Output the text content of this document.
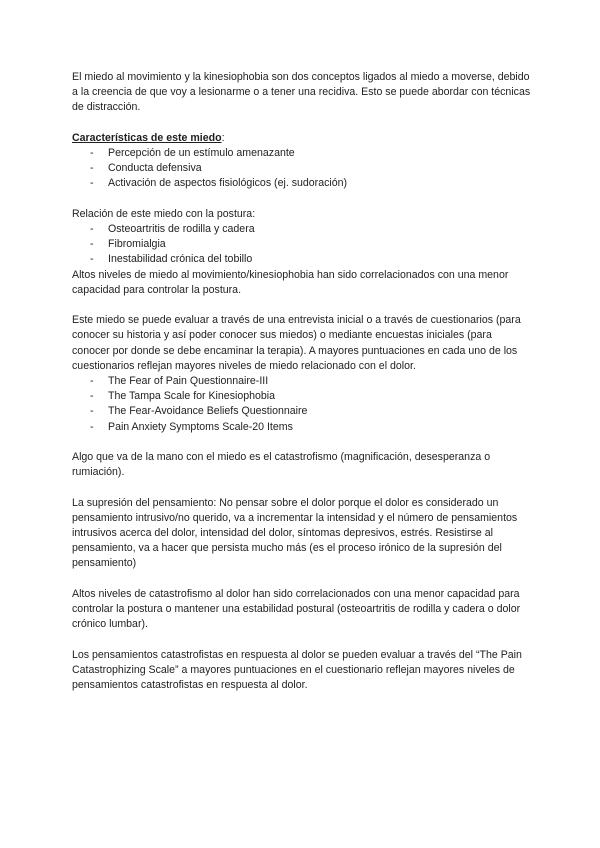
El miedo al movimiento y la kinesiophobia son dos conceptos ligados al miedo a moverse, debido a la creencia de que voy a lesionarme o a tener una recidiva. Esto se puede abordar con técnicas de distracción.

Características de este miedo:

- Percepción de un estímulo amenazante
- Conducta defensiva
- Activación de aspectos fisiológicos (ej. sudoración)

Relación de este miedo con la postura:

- Osteoartritis de rodilla y cadera
- Fibromialgia
- Inestabilidad crónica del tobillo

Altos niveles de miedo al movimiento/kinesiophobia han sido correlacionados con una menor capacidad para controlar la postura.

Este miedo se puede evaluar a través de una entrevista inicial o a través de cuestionarios (para conocer su historia y así poder conocer sus miedos) o mediante encuestas iniciales (para conocer por donde se debe encaminar la terapia). A mayores puntuaciones en cada uno de los cuestionarios reflejan mayores niveles de miedo relacionado con el dolor.

- The Fear of Pain Questionnaire-III
- The Tampa Scale for Kinesiophobia
- The Fear-Avoidance Beliefs Questionnaire
- Pain Anxiety Symptoms Scale-20 Items

Algo que va de la mano con el miedo es el catastrofismo (magnificación, desesperanza o rumiación).

La supresión del pensamiento: No pensar sobre el dolor porque el dolor es considerado un pensamiento intrusivo/no querido, va a incrementar la intensidad y el número de pensamientos intrusivos acerca del dolor, intensidad del dolor, síntomas depresivos, estrés. Resistirse al pensamiento, va a hacer que persista mucho más (es el proceso irónico de la supresión del pensamiento)

Altos niveles de catastrofismo al dolor han sido correlacionados con una menor capacidad para controlar la postura o mantener una estabilidad postural (osteoartritis de rodilla y cadera o dolor crónico lumbar).

Los pensamientos catastrofistas en respuesta al dolor se pueden evaluar a través del “The Pain Catastrophizing Scale” a mayores puntuaciones en el cuestionario reflejan mayores niveles de pensamientos catastrofistas en respuesta al dolor.
